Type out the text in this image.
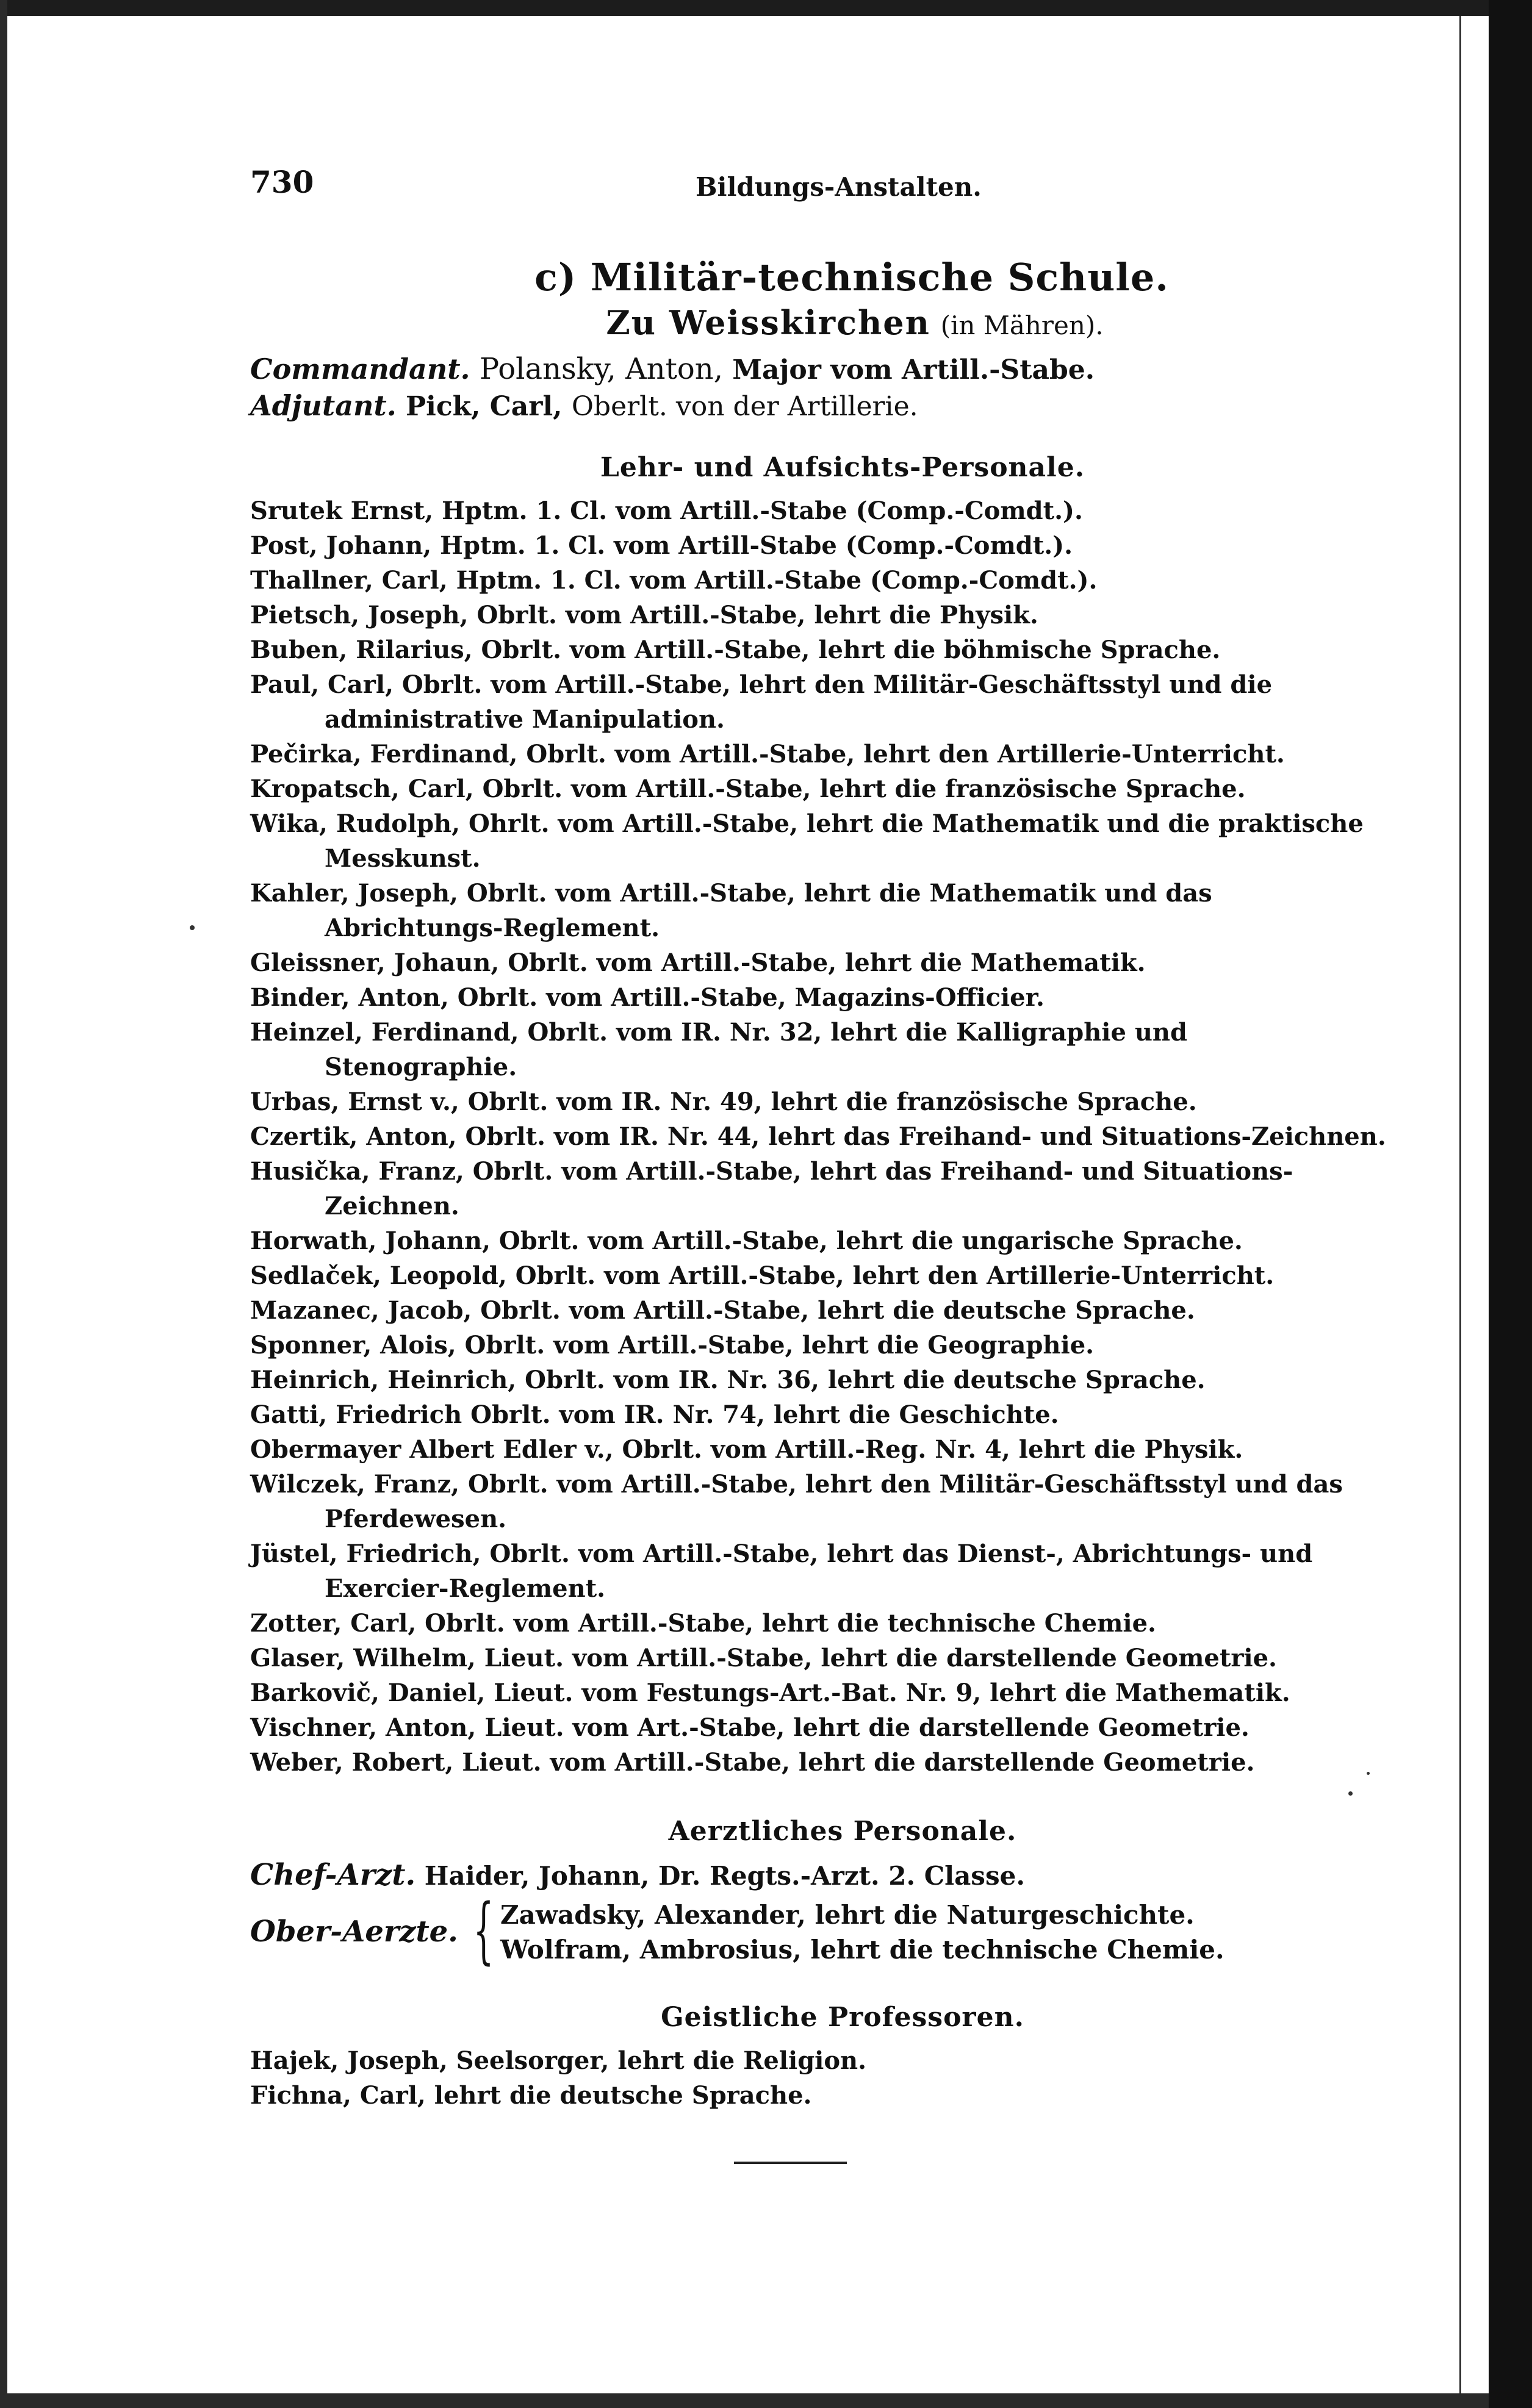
730	Bildungs-Anstalten.
c) Militär-technische Schule.
Zu Weisskirchen (in Mähren).
Commandant. Polansky, Anton, Major vom Artill.-Stabe.
Adjutant. Pick, Carl, Oberlt. von der Artillerie.
Lehr- und Aufsichts-Personale.
Srutek Ernst, Hptm. 1. Cl. vom Artill.-Stabe (Comp.-Comdt.).
Post, Johann, Hptm. 1. Cl. vom Artill-Stabe (Comp.-Comdt.).
Thallner, Carl, Hptm. 1. Cl. vom Artill.-Stabe (Comp.-Comdt.).
Pietsch, Joseph, Obrlt. vom Artill.-Stabe, lehrt die Physik.
Buben, Rilarius, Obrlt. vom Artill.-Stabe, lehrt die böhmische Sprache.
Paul, Carl, Obrlt. vom Artill.-Stabe, lehrt den Militär-Geschäftsstyl und die administrative Manipulation.
Pečirka, Ferdinand, Obrlt. vom Artill.-Stabe, lehrt den Artillerie-Unterricht.
Kropatsch, Carl, Obrlt. vom Artill.-Stabe, lehrt die französische Sprache.
Wika, Rudolph, Ohrlt. vom Artill.-Stabe, lehrt die Mathematik und die praktische Messkunst.
Kahler, Joseph, Obrlt. vom Artill.-Stabe, lehrt die Mathematik und das Abrichtungs-Reglement.
Gleissner, Johaun, Obrlt. vom Artill.-Stabe, lehrt die Mathematik.
Binder, Anton, Obrlt. vom Artill.-Stabe, Magazins-Officier.
Heinzel, Ferdinand, Obrlt. vom IR. Nr. 32, lehrt die Kalligraphie und Stenographie.
Urbas, Ernst v., Obrlt. vom IR. Nr. 49, lehrt die französische Sprache.
Czertik, Anton, Obrlt. vom IR. Nr. 44, lehrt das Freihand- und Situations-Zeichnen.
Husička, Franz, Obrlt. vom Artill.-Stabe, lehrt das Freihand- und Situations-Zeichnen.
Horwath, Johann, Obrlt. vom Artill.-Stabe, lehrt die ungarische Sprache.
Sedlaček, Leopold, Obrlt. vom Artill.-Stabe, lehrt den Artillerie-Unterricht.
Mazanec, Jacob, Obrlt. vom Artill.-Stabe, lehrt die deutsche Sprache.
Sponner, Alois, Obrlt. vom Artill.-Stabe, lehrt die Geographie.
Heinrich, Heinrich, Obrlt. vom IR. Nr. 36, lehrt die deutsche Sprache.
Gatti, Friedrich Obrlt. vom IR. Nr. 74, lehrt die Geschichte.
Obermayer Albert Edler v., Obrlt. vom Artill.-Reg. Nr. 4, lehrt die Physik.
Wilczek, Franz, Obrlt. vom Artill.-Stabe, lehrt den Militär-Geschäftsstyl und das Pferdewesen.
Jüstel, Friedrich, Obrlt. vom Artill.-Stabe, lehrt das Dienst-, Abrichtungs- und Exercier-Reglement.
Zotter, Carl, Obrlt. vom Artill.-Stabe, lehrt die technische Chemie.
Glaser, Wilhelm, Lieut. vom Artill.-Stabe, lehrt die darstellende Geometrie.
Barkovič, Daniel, Lieut. vom Festungs-Art.-Bat. Nr. 9, lehrt die Mathematik.
Vischner, Anton, Lieut. vom Art.-Stabe, lehrt die darstellende Geometrie.
Weber, Robert, Lieut. vom Artill.-Stabe, lehrt die darstellende Geometrie.
Aerztliches Personale.
Chef-Arzt. Haider, Johann, Dr. Regts.-Arzt. 2. Classe.
Ober-Aerzte. { Zawadsky, Alexander, lehrt die Naturgeschichte.
Wolfram, Ambrosius, lehrt die technische Chemie.
Geistliche Professoren.
Hajek, Joseph, Seelsorger, lehrt die Religion.
Fichna, Carl, lehrt die deutsche Sprache.
